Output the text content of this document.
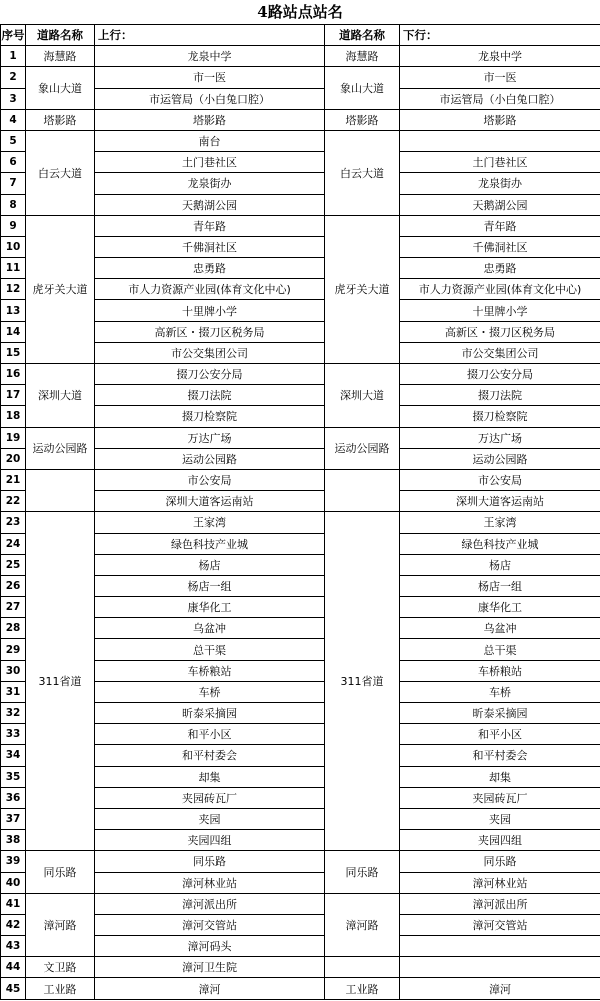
4路站点站名
序号	道路名称	上行：	道路名称	下行：
1	海慧路	龙泉中学	海慧路	龙泉中学
2	象山大道	市一医	象山大道	市一医
3		市运管局（小白兔口腔）		市运管局（小白兔口腔）
4	塔影路	塔影路	塔影路	塔影路
5	白云大道	南台	白云大道	
6		土门巷社区		土门巷社区
7		龙泉街办		龙泉街办
8		天鹅湖公园		天鹅湖公园
9	虎牙关大道	青年路	虎牙关大道	青年路
10		千佛洞社区		千佛洞社区
11		忠勇路		忠勇路
12		市人力资源产业园(体育文化中心)		市人力资源产业园(体育文化中心)
13		十里牌小学		十里牌小学
14		高新区・掇刀区税务局		高新区・掇刀区税务局
15		市公交集团公司		市公交集团公司
16	深圳大道	掇刀公安分局	深圳大道	掇刀公安分局
17		掇刀法院		掇刀法院
18		掇刀检察院		掇刀检察院
19	运动公园路	万达广场	运动公园路	万达广场
20		运动公园路		运动公园路
21		市公安局		市公安局
22		深圳大道客运南站		深圳大道客运南站
23	311省道	王家湾	311省道	王家湾
24		绿色科技产业城		绿色科技产业城
25		杨店		杨店
26		杨店一组		杨店一组
27		康华化工		康华化工
28		乌盆冲		乌盆冲
29		总干渠		总干渠
30		车桥粮站		车桥粮站
31		车桥		车桥
32		昕泰采摘园		昕泰采摘园
33		和平小区		和平小区
34		和平村委会		和平村委会
35		却集		却集
36		夹园砖瓦厂		夹园砖瓦厂
37		夹园		夹园
38		夹园四组		夹园四组
39	同乐路	同乐路	同乐路	同乐路
40		漳河林业站		漳河林业站
41	漳河路	漳河派出所	漳河路	漳河派出所
42		漳河交管站		漳河交管站
43		漳河码头		
44	文卫路	漳河卫生院		
45	工业路	漳河	工业路	漳河
